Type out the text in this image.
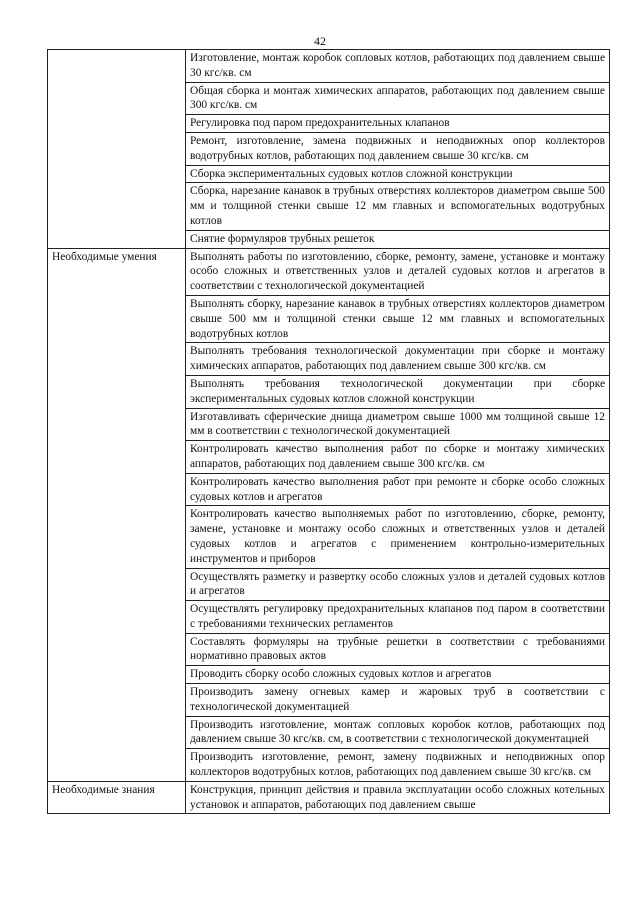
42
	Изготовление, монтаж коробок сопловых котлов, работающих под давлением свыше 30 кгс/кв. см
	Общая сборка и монтаж химических аппаратов, работающих под давлением свыше 300 кгс/кв. см
	Регулировка под паром предохранительных клапанов
	Ремонт, изготовление, замена подвижных и неподвижных опор коллекторов водотрубных котлов, работающих под давлением свыше 30 кгс/кв. см
	Сборка экспериментальных судовых котлов сложной конструкции
	Сборка, нарезание канавок в трубных отверстиях коллекторов диаметром свыше 500 мм и толщиной стенки свыше 12 мм главных и вспомогательных водотрубных котлов
	Снятие формуляров трубных решеток
Необходимые умения	Выполнять работы по изготовлению, сборке, ремонту, замене, установке и монтажу особо сложных и ответственных узлов и деталей судовых котлов и агрегатов в соответствии с технологической документацией
	Выполнять сборку, нарезание канавок в трубных отверстиях коллекторов диаметром свыше 500 мм и толщиной стенки свыше 12 мм главных и вспомогательных водотрубных котлов
	Выполнять требования технологической документации при сборке и монтажу химических аппаратов, работающих под давлением свыше 300 кгс/кв. см
	Выполнять требования технологической документации при сборке экспериментальных судовых котлов сложной конструкции
	Изготавливать сферические днища диаметром свыше 1000 мм толщиной свыше 12 мм в соответствии с технологической документацией
	Контролировать качество выполнения работ по сборке и монтажу химических аппаратов, работающих под давлением свыше 300 кгс/кв. см
	Контролировать качество выполнения работ при ремонте и сборке особо сложных судовых котлов и агрегатов
	Контролировать качество выполняемых работ по изготовлению, сборке, ремонту, замене, установке и монтажу особо сложных и ответственных узлов и деталей судовых котлов и агрегатов с применением контрольно-измерительных инструментов и приборов
	Осуществлять разметку и развертку особо сложных узлов и деталей судовых котлов и агрегатов
	Осуществлять регулировку предохранительных клапанов под паром в соответствии с требованиями технических регламентов
	Составлять формуляры на трубные решетки в соответствии с требованиями нормативно правовых актов
	Проводить сборку особо сложных судовых котлов и агрегатов
	Производить замену огневых камер и жаровых труб в соответствии с технологической документацией
	Производить изготовление, монтаж сопловых коробок котлов, работающих под давлением свыше 30 кгс/кв. см, в соответствии с технологической документацией
	Производить изготовление, ремонт, замену подвижных и неподвижных опор коллекторов водотрубных котлов, работающих под давлением свыше 30 кгс/кв. см
Необходимые знания	Конструкция, принцип действия и правила эксплуатации особо сложных котельных установок и аппаратов, работающих под давлением свыше
